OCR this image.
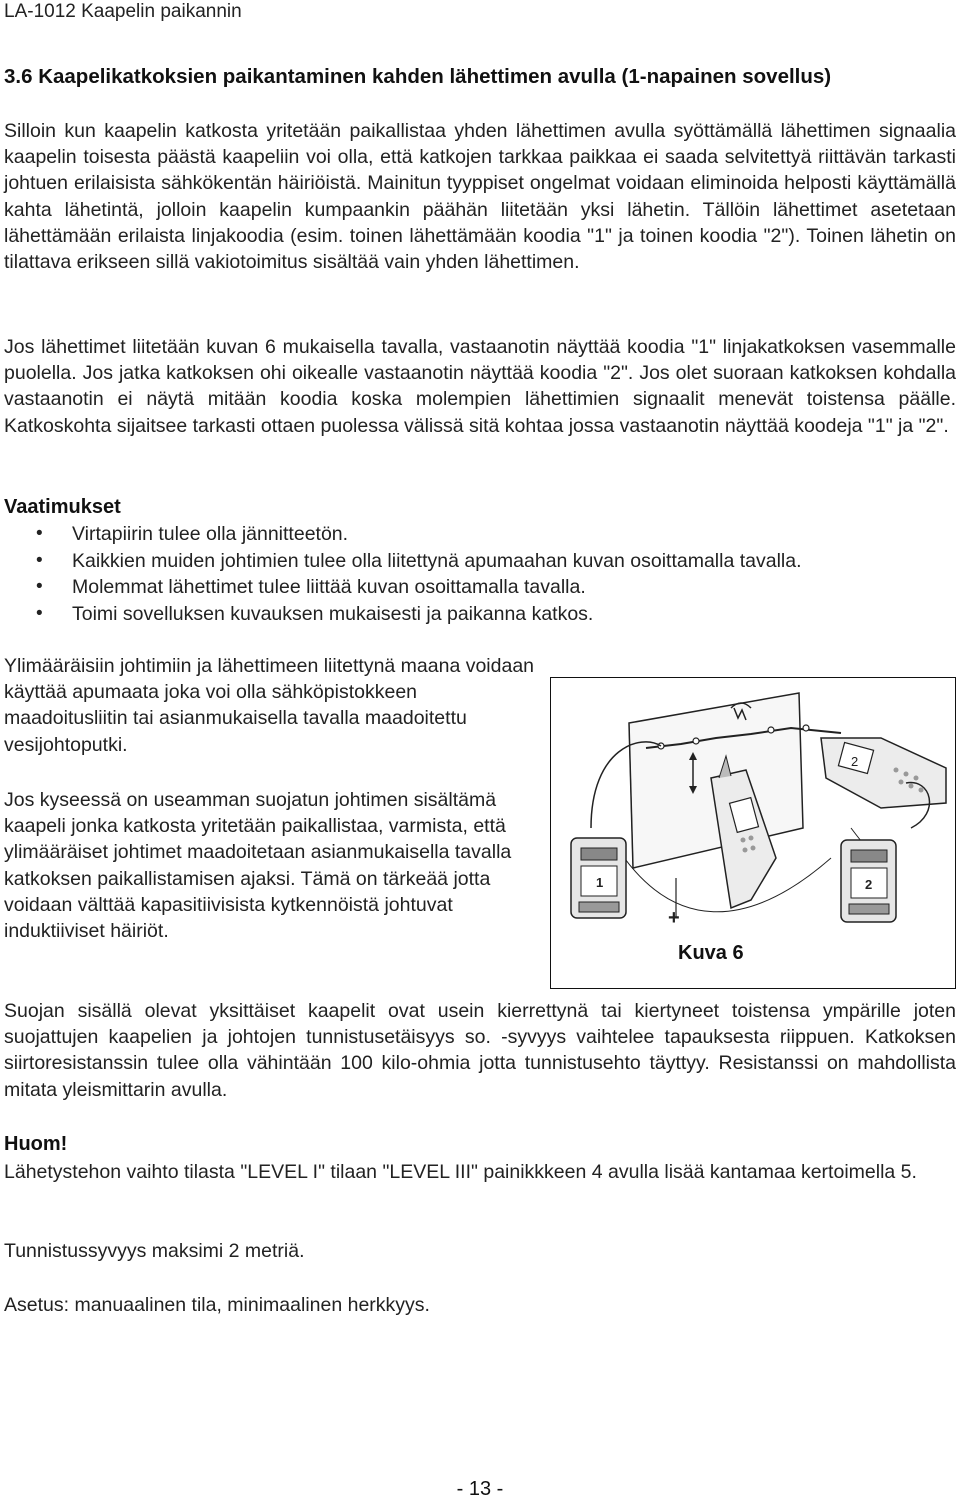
LA-1012 Kaapelin paikannin
3.6 Kaapelikatkoksien paikantaminen kahden lähettimen avulla (1-napainen sovellus)

Silloin kun kaapelin katkosta yritetään paikallistaa yhden lähettimen avulla syöttämällä lähettimen signaalia kaapelin toisesta päästä kaapeliin voi olla, että katkojen tarkkaa paikkaa ei saada selvitettyä riittävän tarkasti johtuen erilaisista sähkökentän häiriöistä. Mainitun tyyppiset ongelmat voidaan eliminoida helposti käyttämällä kahta lähetintä, jolloin kaapelin kumpaankin päähän liitetään yksi lähetin. Tällöin lähettimet asetetaan lähettämään erilaista linjakoodia (esim. toinen lähettämään koodia "1" ja toinen koodia "2"). Toinen lähetin on tilattava erikseen sillä vakiotoimitus sisältää vain yhden lähettimen.

Jos lähettimet liitetään kuvan 6 mukaisella tavalla, vastaanotin näyttää koodia "1" linjakatkoksen vasemmalle puolella. Jos jatka katkoksen ohi oikealle vastaanotin näyttää koodia "2". Jos olet suoraan katkoksen kohdalla vastaanotin ei näytä mitään koodia koska molempien lähettimien signaalit menevät toistensa päälle. Katkoskohta sijaitsee tarkasti ottaen puolessa välissä sitä kohtaa jossa vastaanotin näyttää koodeja "1" ja "2".

Vaatimukset
• Virtapiirin tulee olla jännitteetön.
• Kaikkien muiden johtimien tulee olla liitettynä apumaahan kuvan osoittamalla tavalla.
• Molemmat lähettimet tulee liittää kuvan osoittamalla tavalla.
• Toimi sovelluksen kuvauksen mukaisesti ja paikanna katkos.

Ylimääräisiin johtimiin ja lähettimeen liitettynä maana voidaan käyttää apumaata joka voi olla sähköpistokkeen maadoitusliitin tai asianmukaisella tavalla maadoitettu vesijohtoputki.

Jos kyseessä on useamman suojatun johtimen sisältämä kaapeli jonka katkosta yritetään paikallistaa, varmista, että ylimääräiset johtimet maadoitetaan asianmukaisella tavalla katkoksen paikallistamisen ajaksi. Tämä on tärkeää jotta voidaan välttää kapasitiivisista kytkennöistä johtuvat induktiiviset häiriöt.

2
1	2
+
Kuva 6

Suojan sisällä olevat yksittäiset kaapelit ovat usein kierrettynä tai kiertyneet toistensa ympärille joten suojattujen kaapelien ja johtojen tunnistusetäisyys so. -syvyys vaihtelee tapauksesta riippuen. Katkoksen siirtoresistanssin tulee olla vähintään 100 kilo-ohmia jotta tunnistusehto täyttyy. Resistanssi on mahdollista mitata yleismittarin avulla.

Huom!

Lähetystehon vaihto tilasta "LEVEL I" tilaan "LEVEL III" painikkkeen 4 avulla lisää kantamaa kertoimella 5.

Tunnistussyvyys maksimi 2 metriä.

Asetus: manuaalinen tila, minimaalinen herkkyys.

- 13 -
